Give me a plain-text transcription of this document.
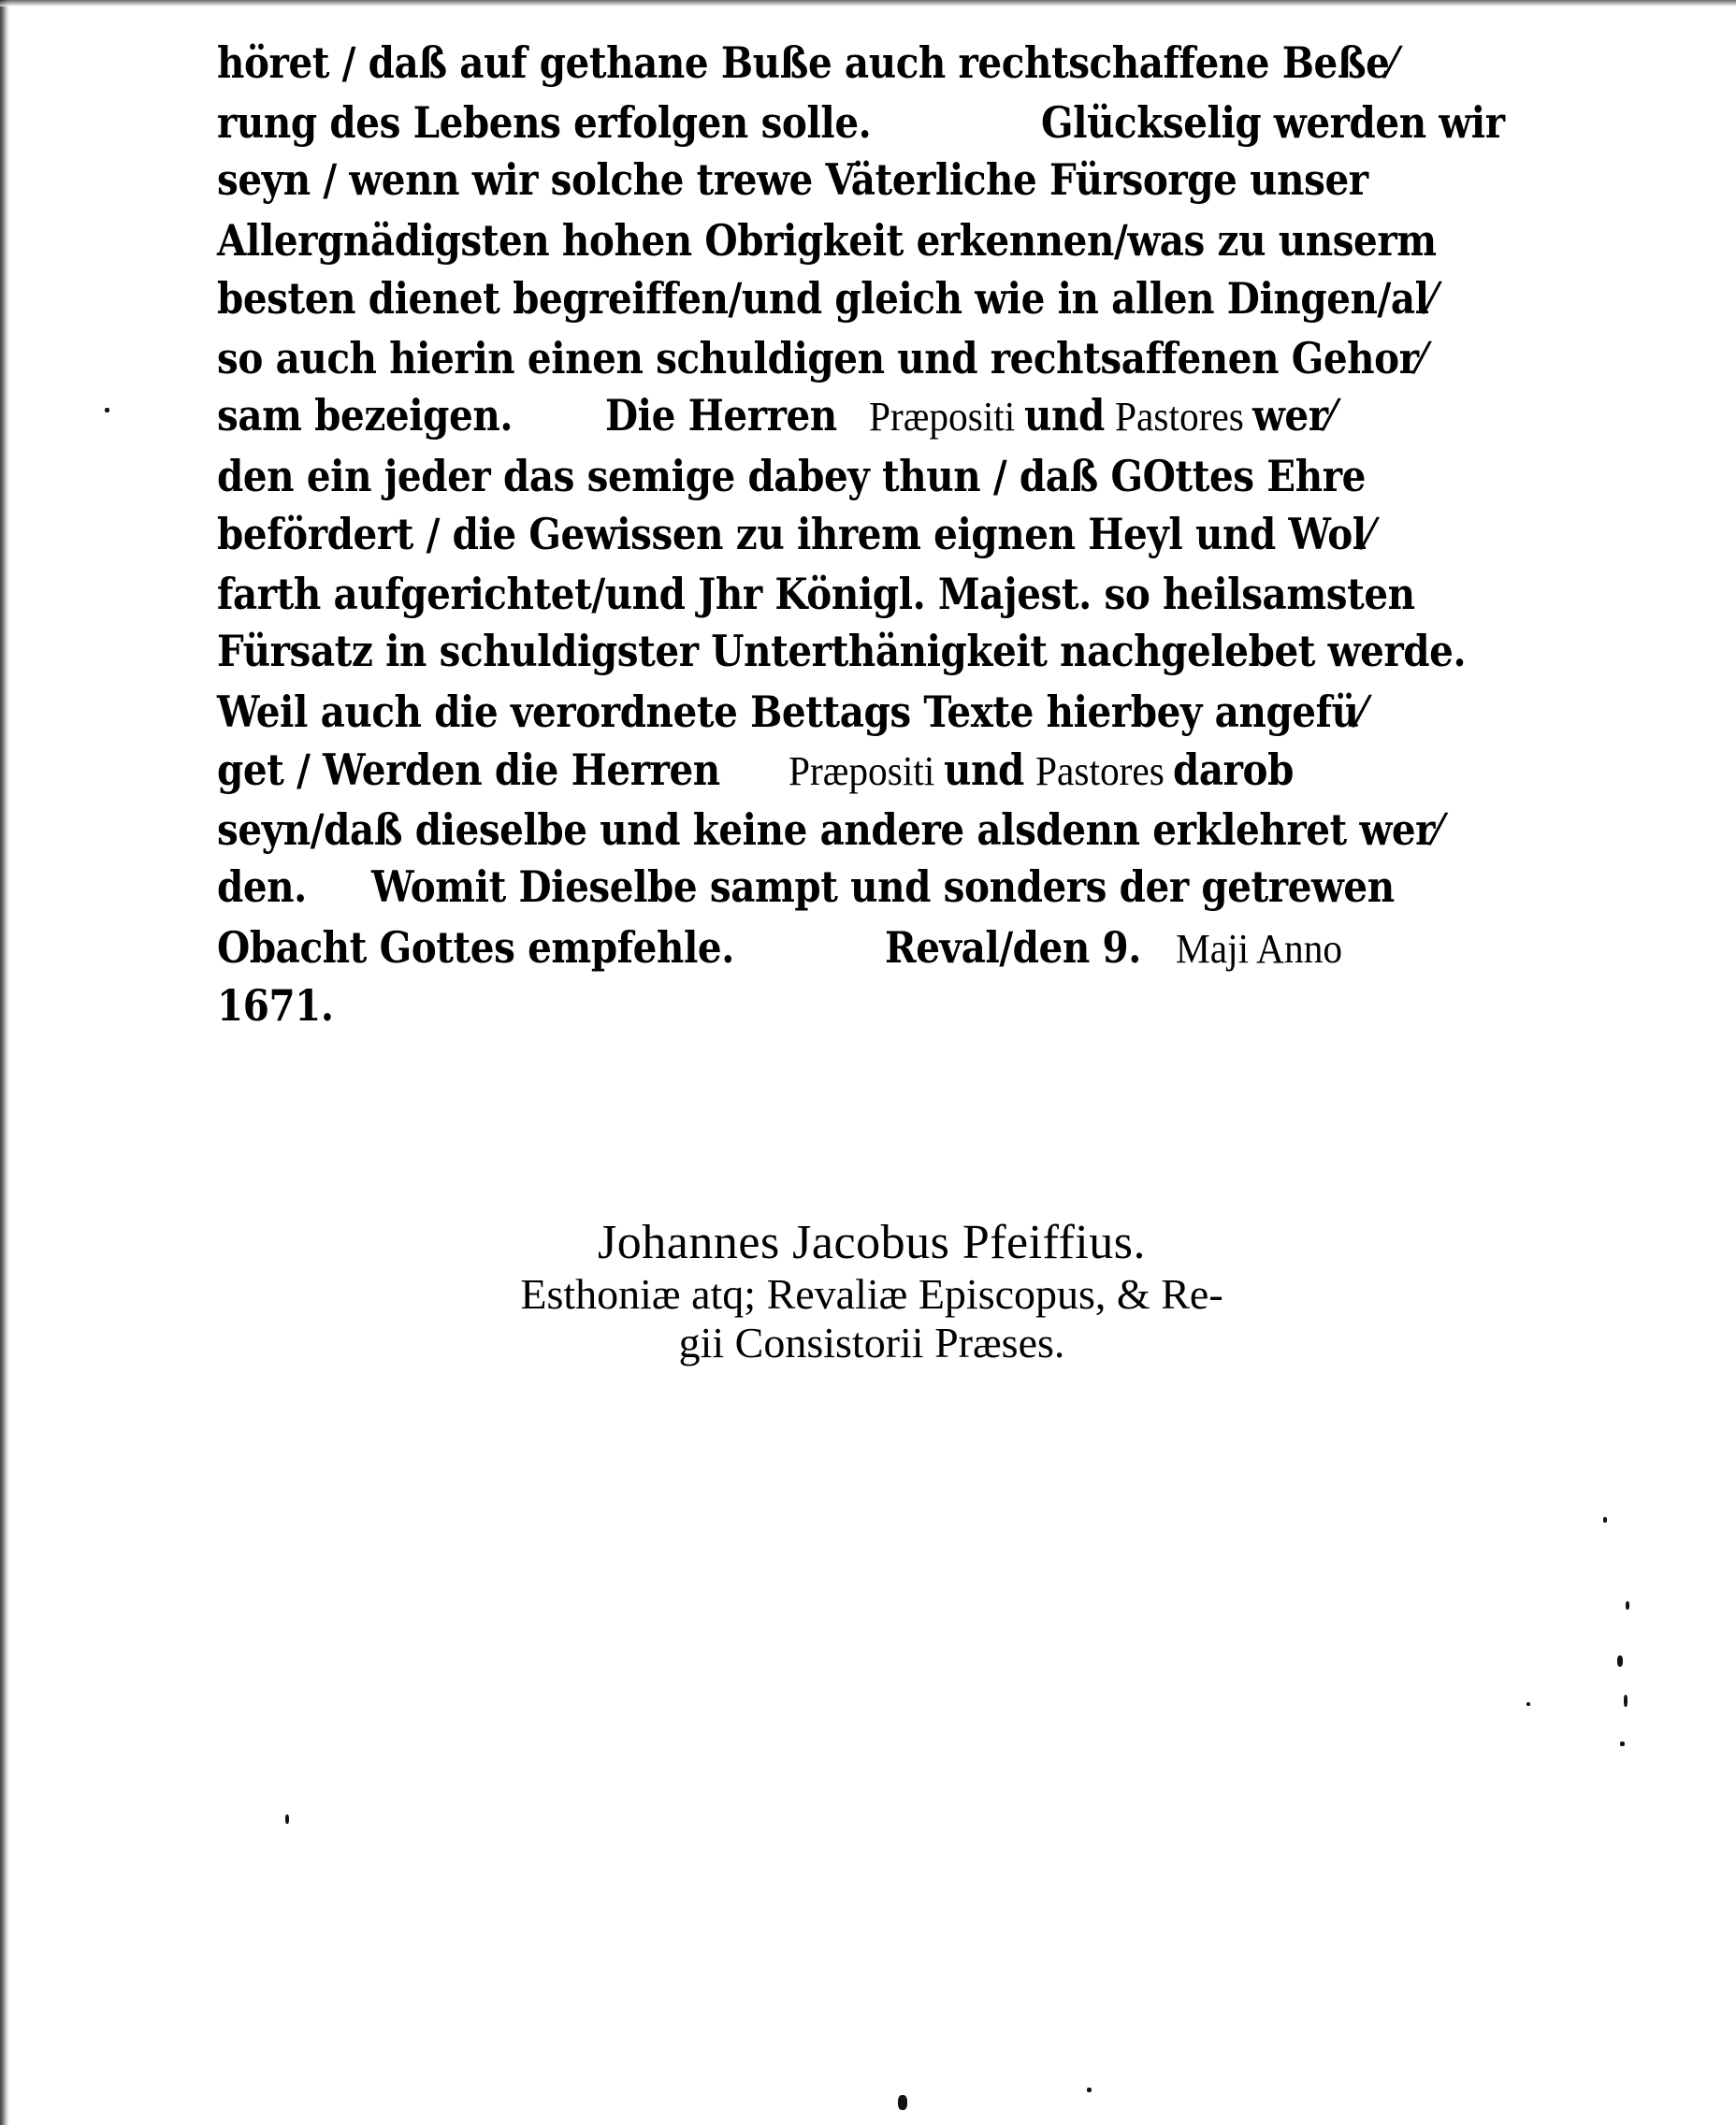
höret / daß auf gethane Buße auch rechtschaffene Beße⁄
rung des Lebens erfolgen solle.	Glückselig werden wir
seyn / wenn wir solche trewe Väterliche Fürsorge unser
Allergnädigsten hohen Obrigkeit erkennen/was zu unserm
besten dienet begreiffen/und gleich wie in allen Dingen/al⁄
so auch hierin einen schuldigen und rechtsaffenen Gehor⁄
sam bezeigen. Die HerrenPræpositiundPastoreswer⁄
den ein jeder das semige dabey thun / daß GOttes Ehre
befördert / die Gewissen zu ihrem eignen Heyl und Wol⁄
farth aufgerichtet/und Jhr Königl. Majest. so heilsamsten
Fürsatz in schuldigster Unterthänigkeit nachgelebet werde.
Weil auch die verordnete Bettags Texte hierbey angefü⁄
get / Werden die HerrenPræpositiundPastoresdarob
seyn/daß dieselbe und keine andere alsdenn erklehret wer⁄
den. Womit Dieselbe sampt und sonders der getrewen
Obacht Gottes empfehle.	Reval/den 9.Maji Anno
1671.
Johannes Jacobus Pfeiffius.
Esthoniæ atq; Revaliæ Episcopus, & Re-
gii Consistorii Præses.
